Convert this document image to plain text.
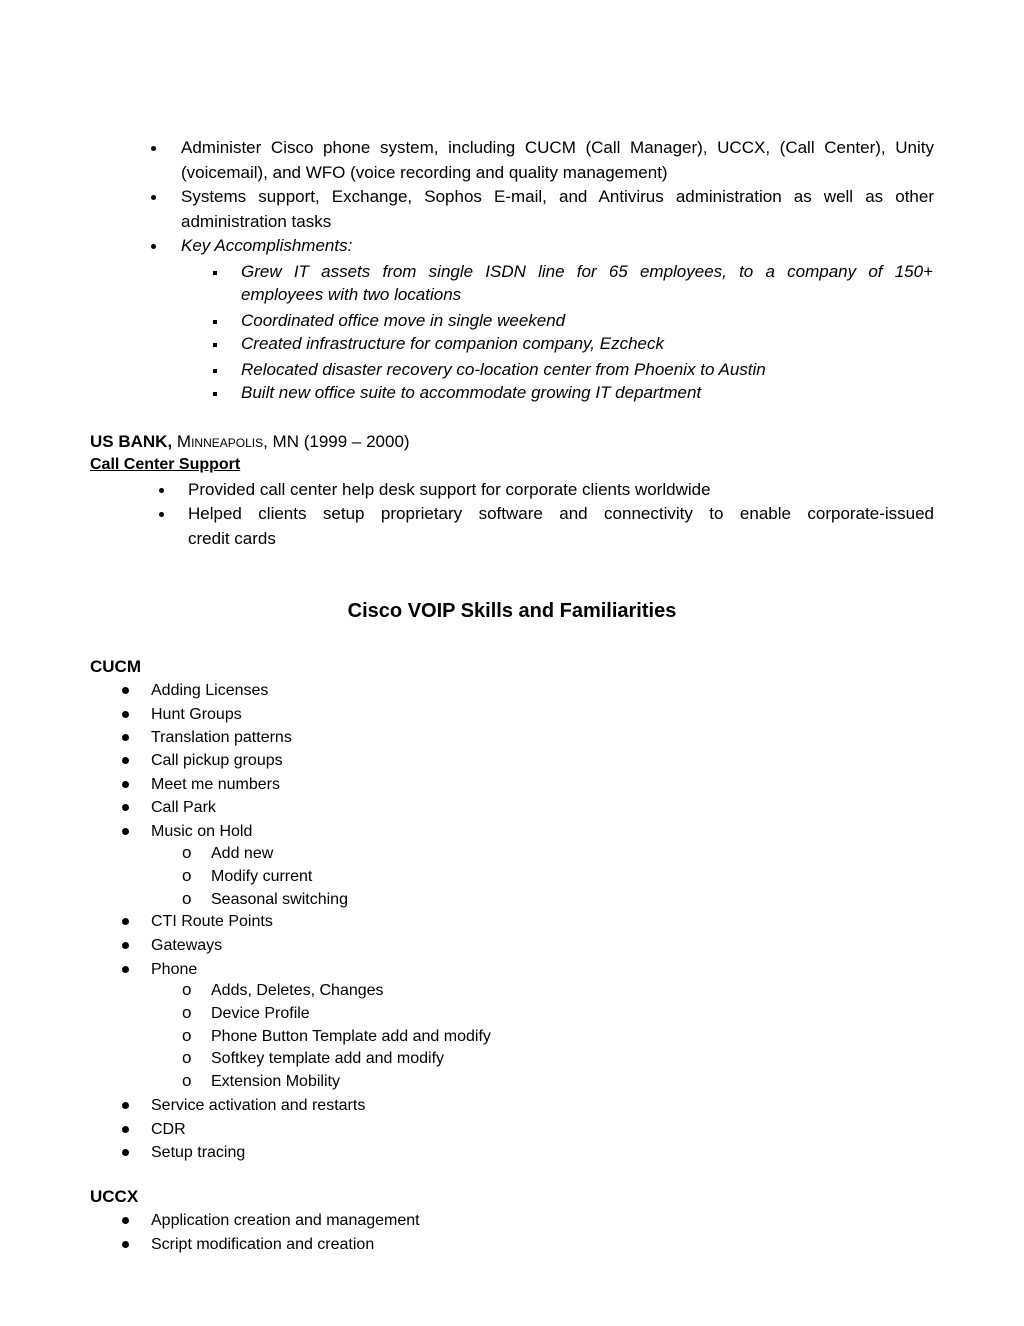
Administer Cisco phone system, including CUCM (Call Manager), UCCX, (Call Center), Unity
(voicemail), and WFO (voice recording and quality management)
Systems support, Exchange, Sophos E-mail, and Antivirus administration as well as other
administration tasks
Key Accomplishments:
Grew IT assets from single ISDN line for 65 employees, to a company of 150+
employees with two locations
Coordinated office move in single weekend
Created infrastructure for companion company, Ezcheck
Relocated disaster recovery co-location center from Phoenix to Austin
Built new office suite to accommodate growing IT department
US BANK, Minneapolis, MN (1999 – 2000)
Call Center Support
Provided call center help desk support for corporate clients worldwide
Helped clients setup proprietary software and connectivity to enable corporate-issued
credit cards
Cisco VOIP Skills and Familiarities
CUCM
Adding Licenses
Hunt Groups
Translation patterns
Call pickup groups
Meet me numbers
Call Park
Music on Hold
o Add new
o Modify current
o Seasonal switching
CTI Route Points
Gateways
Phone
o Adds, Deletes, Changes
o Device Profile
o Phone Button Template add and modify
o Softkey template add and modify
o Extension Mobility
Service activation and restarts
CDR
Setup tracing
UCCX
Application creation and management
Script modification and creation
